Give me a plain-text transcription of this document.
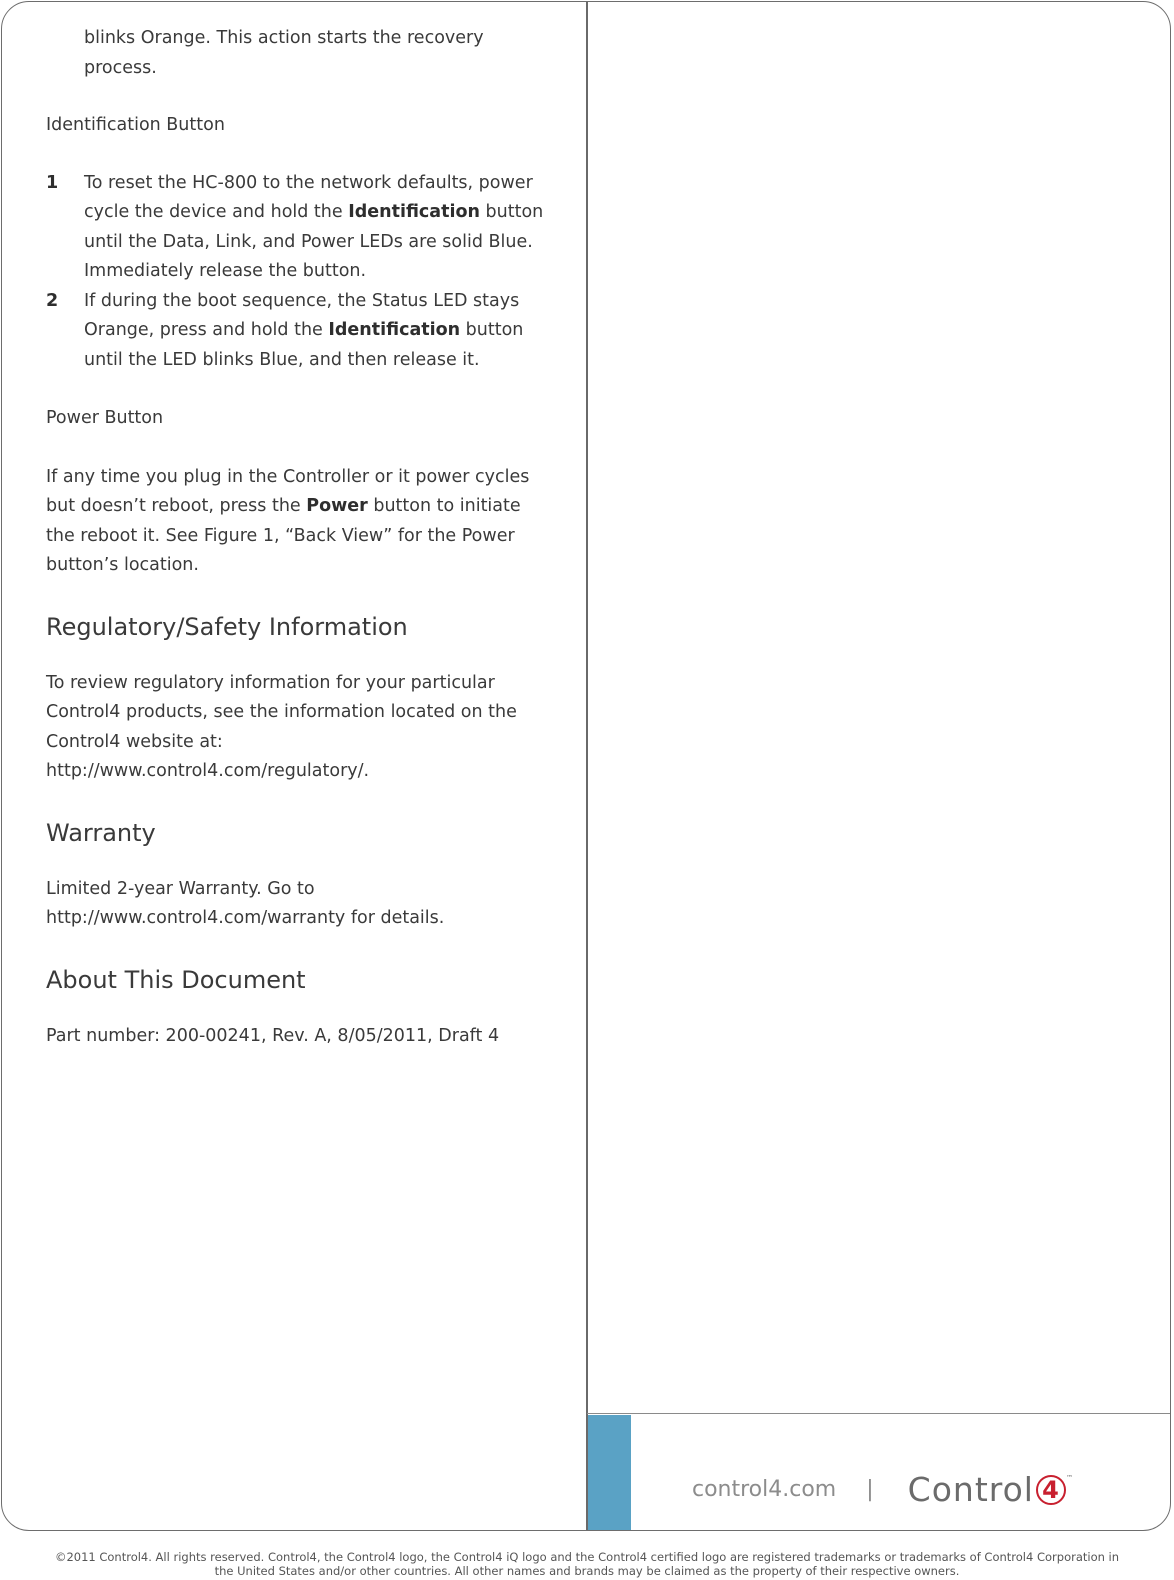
blinks Orange. This action starts the recovery process.

Identification Button

1	To reset the HC-800 to the network defaults, power cycle the device and hold the Identification button until the Data, Link, and Power LEDs are solid Blue. Immediately release the button.
2	If during the boot sequence, the Status LED stays Orange, press and hold the Identification button until the LED blinks Blue, and then release it.

Power Button

If any time you plug in the Controller or it power cycles but doesn’t reboot, press the Power button to initiate the reboot it. See Figure 1, “Back View” for the Power button’s location.

Regulatory/Safety Information

To review regulatory information for your particular Control4 products, see the information located on the Control4 website at: http://www.control4.com/regulatory/.

Warranty

Limited 2-year Warranty. Go to http://www.control4.com/warranty for details.

About This Document

Part number: 200-00241, Rev. A, 8/05/2011, Draft 4

control4.com | Control 4 ™
©2011 Control4. All rights reserved. Control4, the Control4 logo, the Control4 iQ logo and the Control4 certified logo are registered trademarks or trademarks of Control4 Corporation in
the United States and/or other countries. All other names and brands may be claimed as the property of their respective owners.
